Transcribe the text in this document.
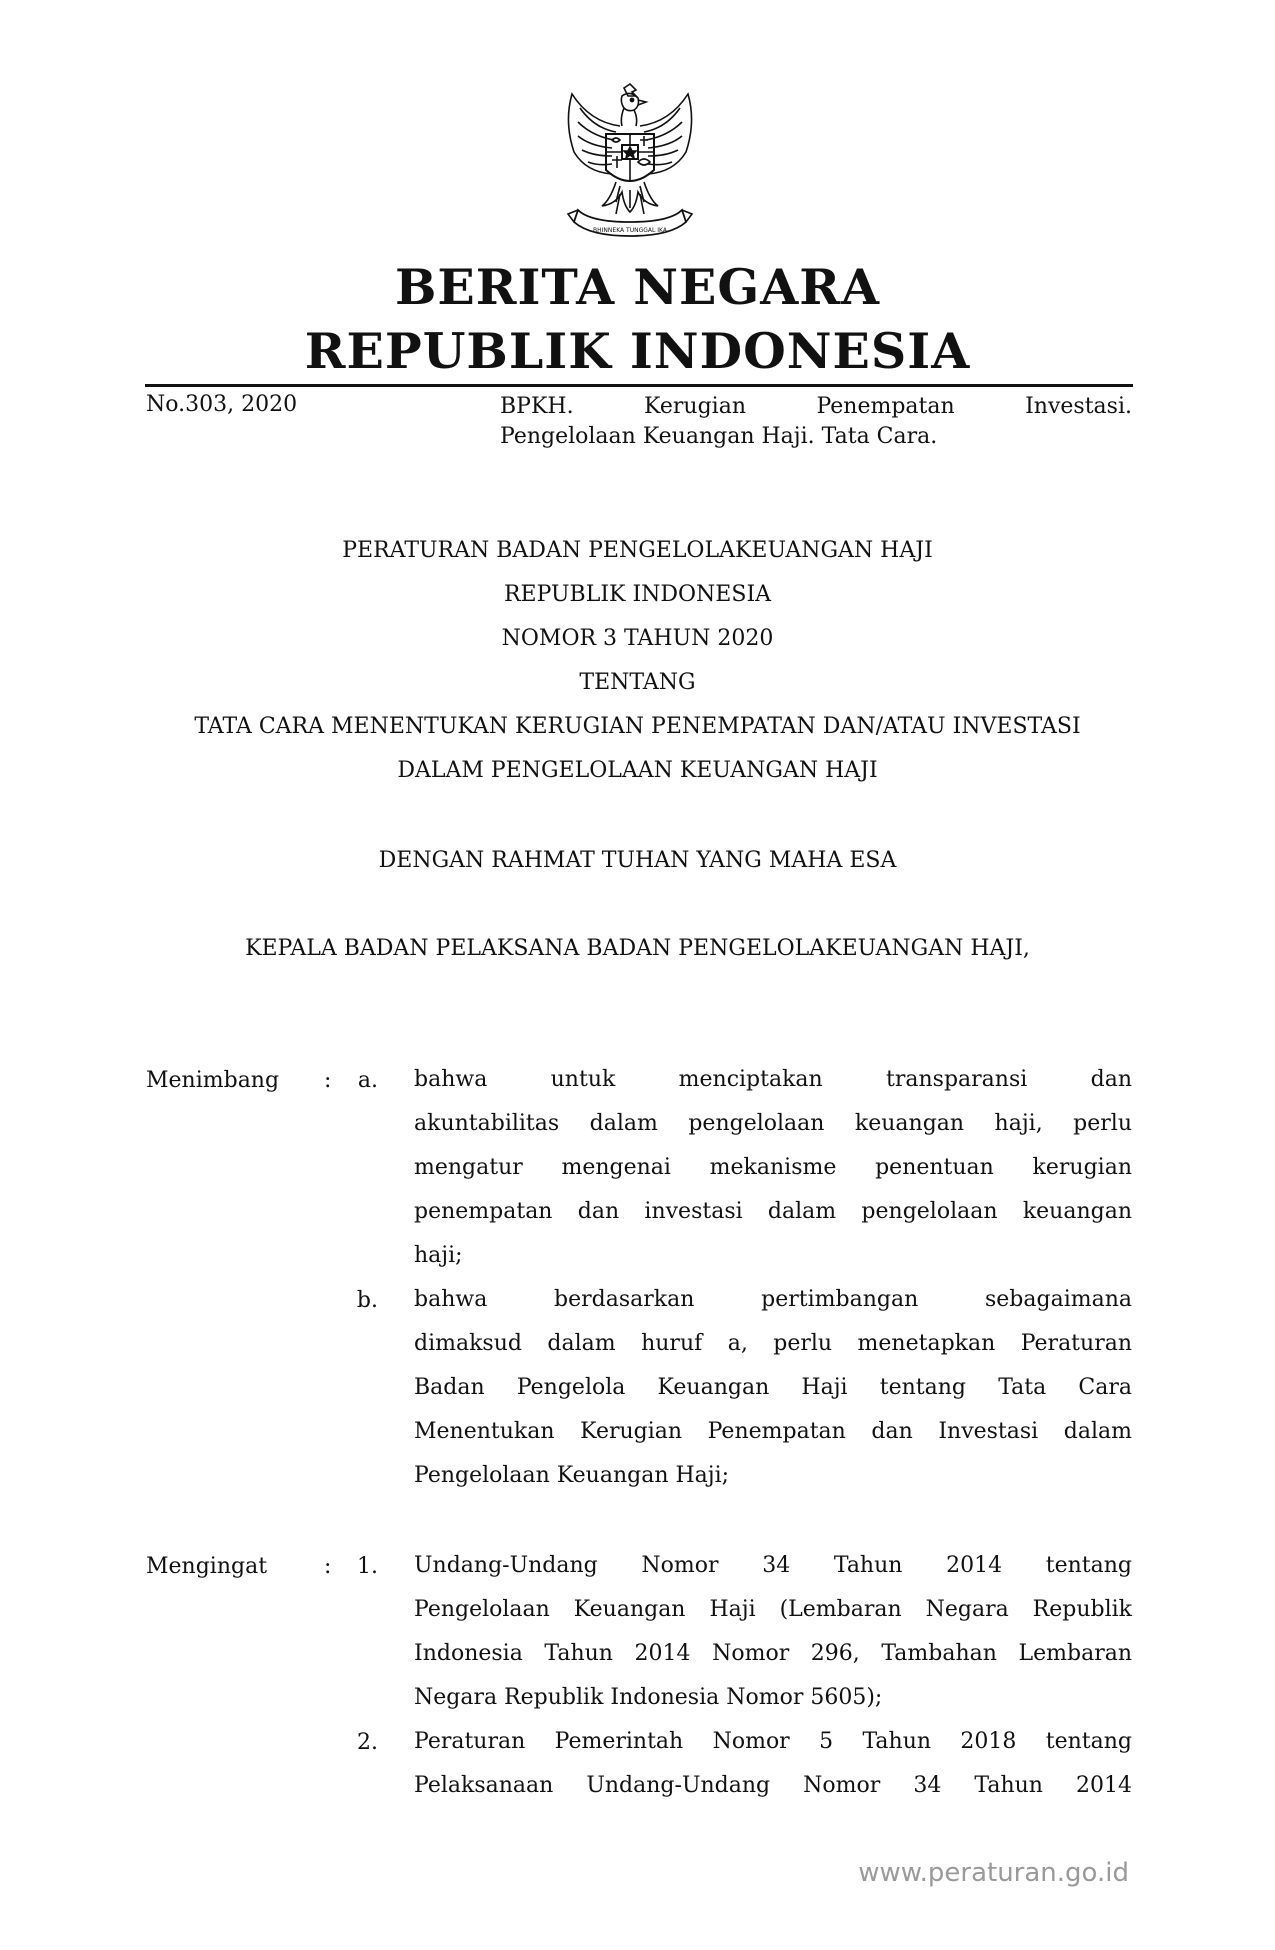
BHINNEKA TUNGGAL IKA
BERITA NEGARA
REPUBLIK INDONESIA
No.303, 2020	BPKH. Kerugian Penempatan Investasi.
Pengelolaan Keuangan Haji. Tata Cara.
PERATURAN BADAN PENGELOLAKEUANGAN HAJI
REPUBLIK INDONESIA
NOMOR 3 TAHUN 2020
TENTANG
TATA CARA MENENTUKAN KERUGIAN PENEMPATAN DAN/ATAU INVESTASI
DALAM PENGELOLAAN KEUANGAN HAJI
DENGAN RAHMAT TUHAN YANG MAHA ESA
KEPALA BADAN PELAKSANA BADAN PENGELOLAKEUANGAN HAJI,
Menimbang :	a. bahwa untuk menciptakan transparansi dan
akuntabilitas dalam pengelolaan keuangan haji, perlu
mengatur mengenai mekanisme penentuan kerugian
penempatan dan investasi dalam pengelolaan keuangan
haji;
b. bahwa berdasarkan pertimbangan sebagaimana
dimaksud dalam huruf a, perlu menetapkan Peraturan
Badan Pengelola Keuangan Haji tentang Tata Cara
Menentukan Kerugian Penempatan dan Investasi dalam
Pengelolaan Keuangan Haji;
Mengingat	:	1. Undang-Undang Nomor 34 Tahun 2014 tentang
Pengelolaan Keuangan Haji (Lembaran Negara Republik
Indonesia Tahun 2014 Nomor 296, Tambahan Lembaran
Negara Republik Indonesia Nomor 5605);
2. Peraturan Pemerintah Nomor 5 Tahun 2018 tentang
Pelaksanaan Undang-Undang Nomor 34 Tahun 2014
www.peraturan.go.id
